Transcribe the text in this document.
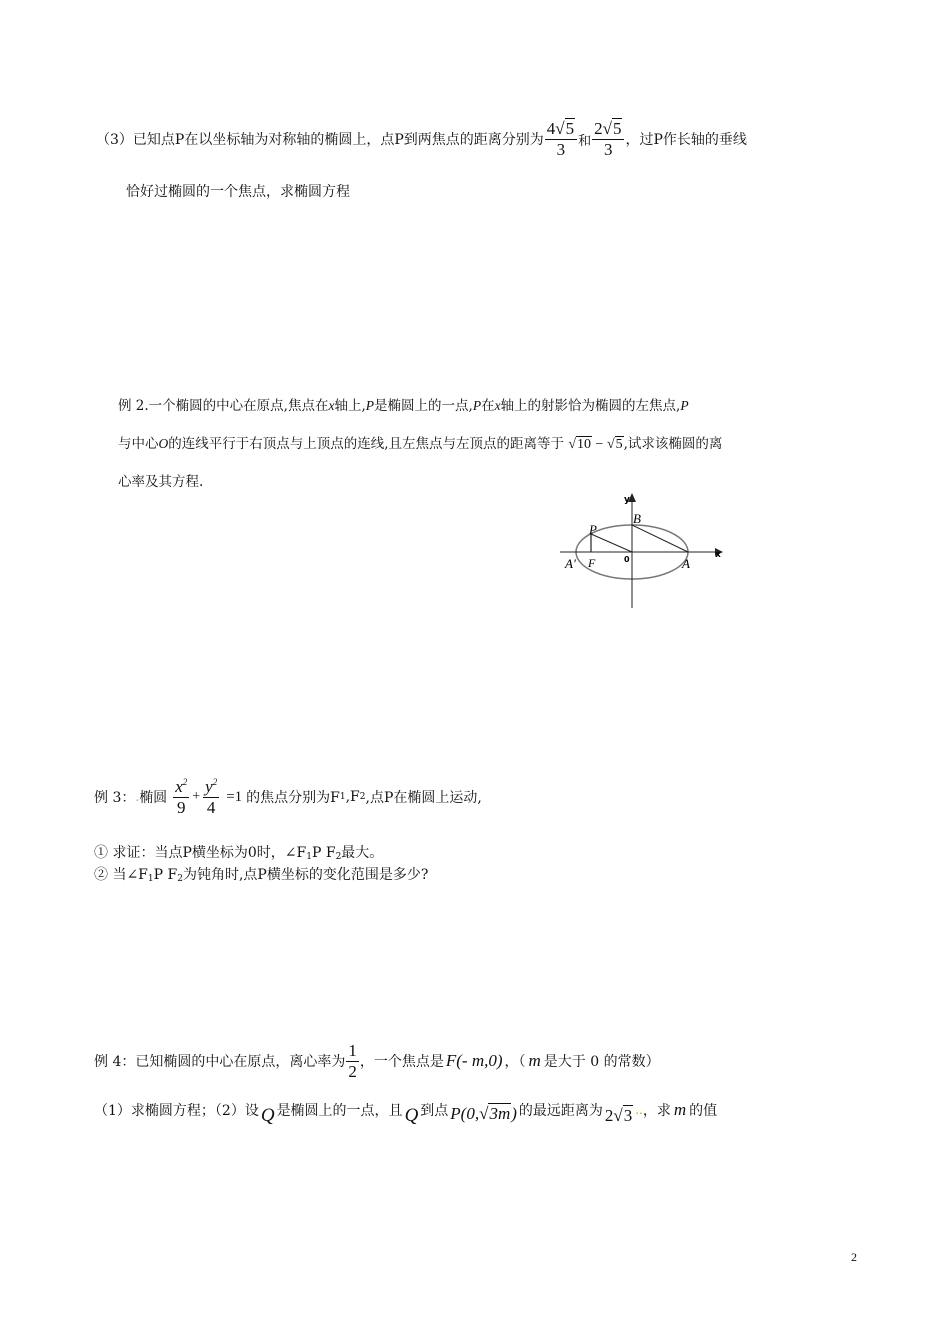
（3）已知点P在以坐标轴为对称轴的椭圆上，点P到两焦点的距离分别为 $\frac{4√5}{3}$ 和 $\frac{2√5}{3}$ ，过P作长轴的垂线
恰好过椭圆的一个焦点，求椭圆方程
例 2.一个椭圆的中心在原点,焦点在x轴上,P是椭圆上的一点,P在x轴上的射影恰为椭圆的左焦点,P
与中心O的连线平行于右顶点与上顶点的连线,且左焦点与左顶点的距离等于 √10 − √5,试求该椭圆的离
心率及其方程.
y
x
P
B
A' F	0	A
例 3： . 椭圆 $\frac{x^2}{9} + \frac{y^2}{4} =1$ 的焦点分别为F 1 ,F 2 ,点P在椭圆上运动,
① 求证：当点P横坐标为0时，$\angle F_1P$ $F_2$最大。
② 当$\angle F_1P$ $F_2$为钝角时,点P横坐标的变化范围是多少?
例 4：已知椭圆的中心在原点，离心率为 $\frac{1}{2}$ ，一个焦点是 F(- m,0) ，（ m 是大于 0 的常数）
（1）求椭圆方程；（2）设 Q 是椭圆上的一点，且 Q 到点 P(0,√3m) 的最远距离为 2√3 .. ，求 m 的值
2
